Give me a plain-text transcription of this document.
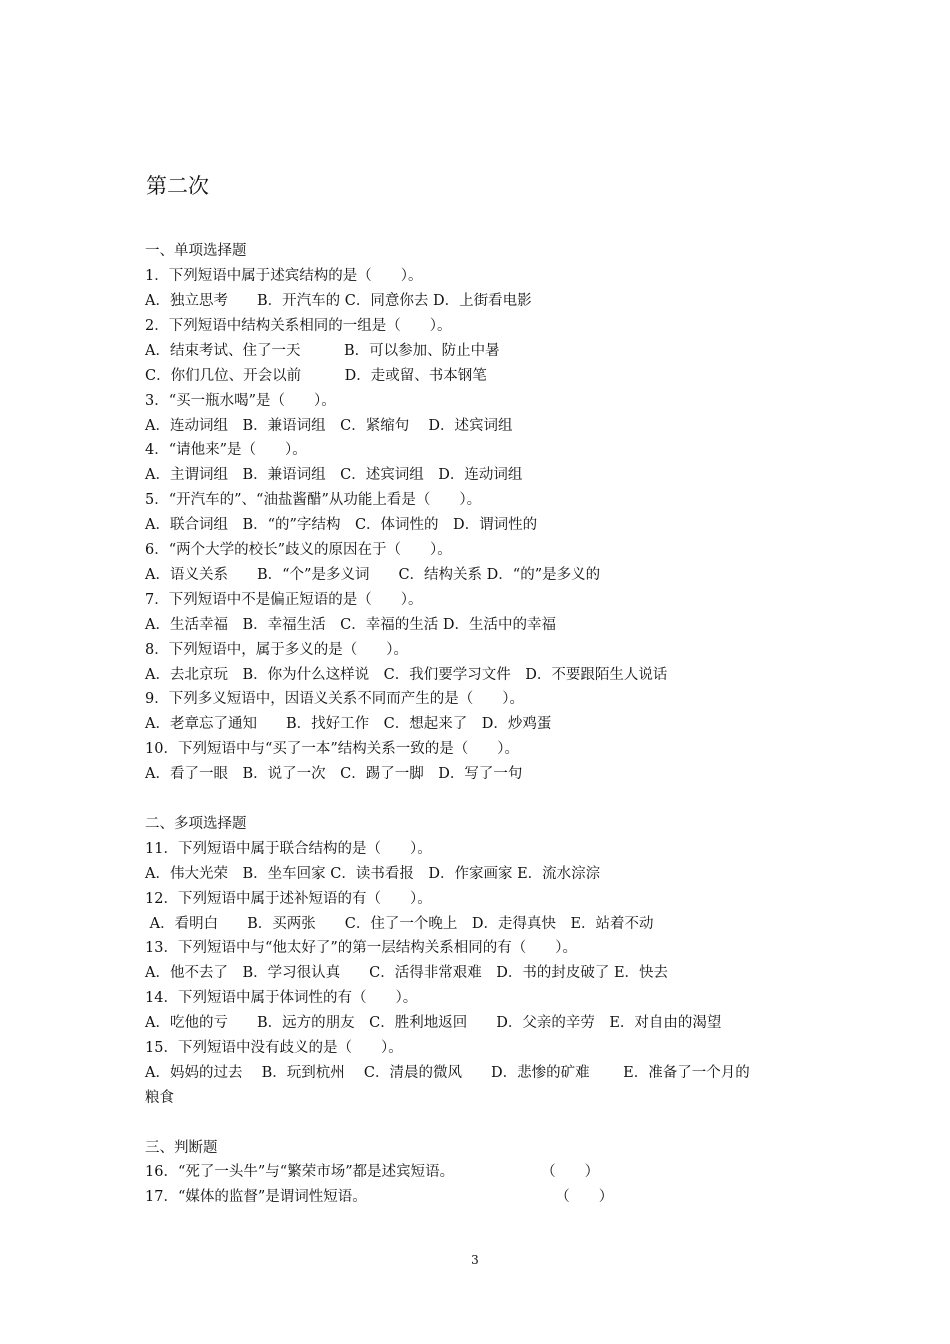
第二次
一、单项选择题
1．下列短语中属于述宾结构的是（　　）。
A．独立思考　　B．开汽车的 C．同意你去 D．上街看电影
2．下列短语中结构关系相同的一组是（　　）。
A．结束考试、住了一天　　　B．可以参加、防止中暑
C．你们几位、开会以前　　　D．走或留、书本钢笔
3．“买一瓶水喝”是（　　）。
A．连动词组　B．兼语词组　C．紧缩句　 D．述宾词组
4．“请他来”是（　　）。
A．主谓词组　B．兼语词组　C．述宾词组　D．连动词组
5．“开汽车的”、“油盐酱醋”从功能上看是（　　）。
A．联合词组　B．“的”字结构　C．体词性的　D．谓词性的
6．“两个大学的校长”歧义的原因在于（　　）。
A．语义关系　　B．“个”是多义词　　C．结构关系 D．“的”是多义的
7．下列短语中不是偏正短语的是（　　）。
A．生活幸福　B．幸福生活　C．幸福的生活 D．生活中的幸福
8．下列短语中，属于多义的是（　　）。
A．去北京玩　B．你为什么这样说　C．我们要学习文件　D．不要跟陌生人说话
9．下列多义短语中，因语义关系不同而产生的是（　　）。
A．老章忘了通知　　B．找好工作　C．想起来了　D．炒鸡蛋
10．下列短语中与“买了一本”结构关系一致的是（　　）。
A．看了一眼　B．说了一次　C．踢了一脚　D．写了一句
二、多项选择题
11．下列短语中属于联合结构的是（　　）。
A．伟大光荣　B．坐车回家 C．读书看报　D．作家画家 E．流水淙淙
12．下列短语中属于述补短语的有（　　）。
A．看明白　　B．买两张　　C．住了一个晚上　D．走得真快　E．站着不动
13．下列短语中与“他太好了”的第一层结构关系相同的有（　　）。
A．他不去了　B．学习很认真　　C．活得非常艰难　D．书的封皮破了 E．快去
14．下列短语中属于体词性的有（　　）。
A．吃他的亏　　B．远方的朋友　C．胜利地返回　　D．父亲的辛劳　E．对自由的渴望
15．下列短语中没有歧义的是（　　）。
A．妈妈的过去　 B．玩到杭州　 C．清晨的微风　　D．悲惨的矿难　　 E．准备了一个月的
粮食
三、判断题
16．“死了一头牛”与“繁荣市场”都是述宾短语。　　　　　　　（　　）
17．“媒体的监督”是谓词性短语。　　　　　　　　　　　　　　（　　）
3
